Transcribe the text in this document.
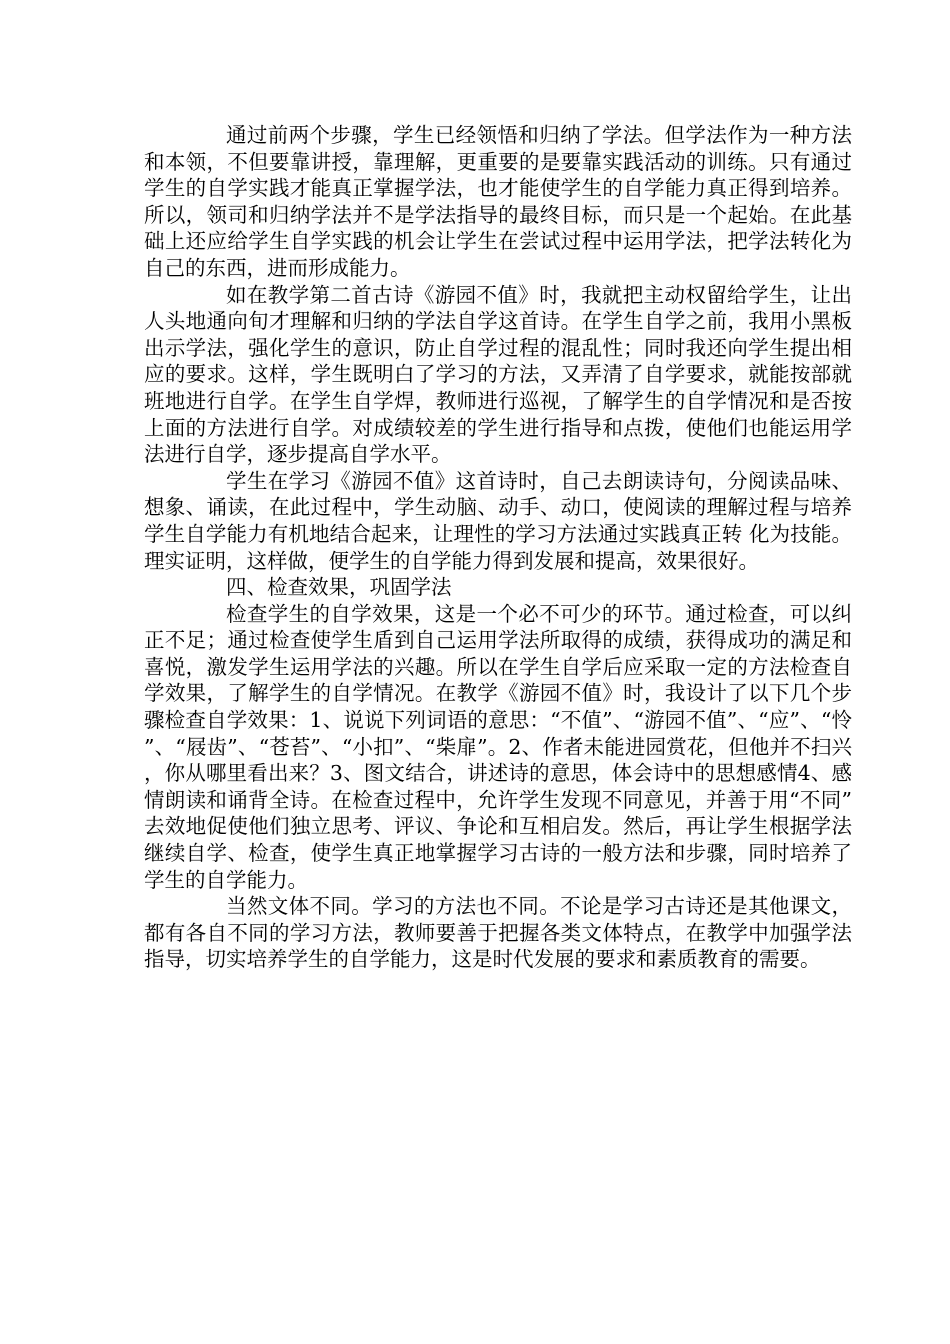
通过前两个步骤，学生已经领悟和归纳了学法。但学法作为一种方法和本领，不但要靠讲授，靠理解，更重要的是要靠实践活动的训练。只有通过学生的自学实践才能真正掌握学法，也才能使学生的自学能力真正得到培养。所以，领司和归纳学法并不是学法指导的最终目标，而只是一个起始。在此基础上还应给学生自学实践的机会让学生在尝试过程中运用学法，把学法转化为自己的东西，进而形成能力。

如在教学第二首古诗《游园不值》时，我就把主动权留给学生，让出人头地通向旬才理解和归纳的学法自学这首诗。在学生自学之前，我用小黑板出示学法，强化学生的意识，防止自学过程的混乱性；同时我还向学生提出相应的要求。这样，学生既明白了学习的方法，又弄清了自学要求，就能按部就班地进行自学。在学生自学焊，教师进行巡视，了解学生的自学情况和是否按上面的方法进行自学。对成绩较差的学生进行指导和点拨，使他们也能运用学法进行自学，逐步提高自学水平。

学生在学习《游园不值》这首诗时，自己去朗读诗句，分阅读品味、想象、诵读，在此过程中，学生动脑、动手、动口，使阅读的理解过程与培养学生自学能力有机地结合起来，让理性的学习方法通过实践真正转 化为技能。理实证明，这样做，便学生的自学能力得到发展和提高，效果很好。

四、检查效果，巩固学法

检查学生的自学效果，这是一个必不可少的环节。通过检查，可以纠正不足；通过检查使学生盾到自己运用学法所取得的成绩，获得成功的满足和喜悦，激发学生运用学法的兴趣。所以在学生自学后应采取一定的方法检查自学效果，了解学生的自学情况。在教学《游园不值》时，我设计了以下几个步骤检查自学效果：1、说说下列词语的意思：“不值”、“游园不值”、“应”、“怜”、“屐齿”、“苍苔”、“小扣”、“柴扉”。2、作者未能进园赏花，但他并不扫兴，你从哪里看出来？3、图文结合，讲述诗的意思，体会诗中的思想感情4、感情朗读和诵背全诗。在检查过程中，允许学生发现不同意见，并善于用“不同”去效地促使他们独立思考、评议、争论和互相启发。然后，再让学生根据学法继续自学、检查，使学生真正地掌握学习古诗的一般方法和步骤，同时培养了学生的自学能力。

当然文体不同。学习的方法也不同。不论是学习古诗还是其他课文，都有各自不同的学习方法，教师要善于把握各类文体特点，在教学中加强学法指导，切实培养学生的自学能力，这是时代发展的要求和素质教育的需要。
